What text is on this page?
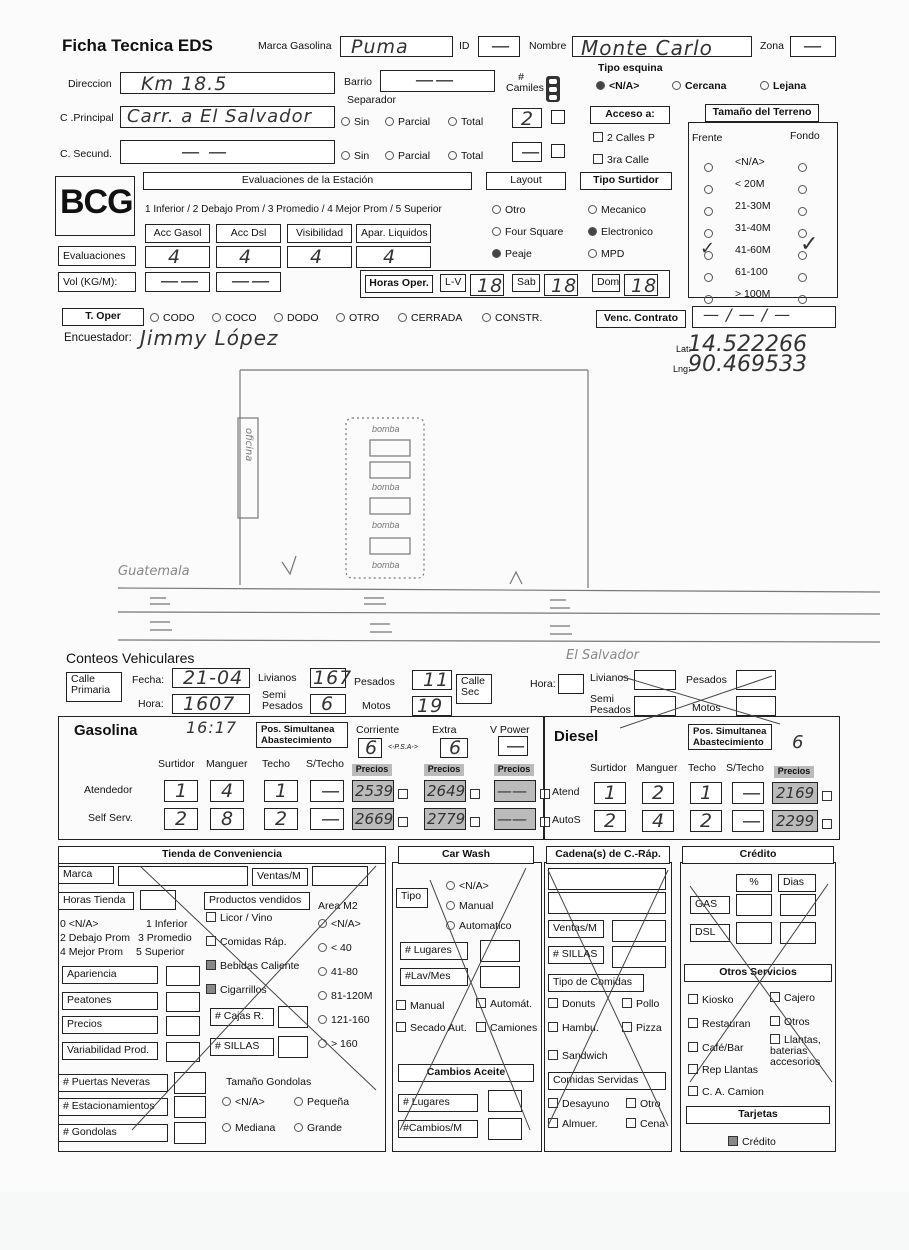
Ficha Tecnica EDS	Marca Gasolina Puma	ID — Nombre Monte Carlo	Zona —
Direccion Km 18.5	Barrio ——
Separador
# Camiles
Tipo esquina
<N/A>	Cercana	Lejana
C .Principal Carr. a El Salvador	Sin	Parcial	Total 2
C. Secund.	— —	Sin	Parcial	Total —
Acceso a:
2 Calles P
3ra Calle
Tamaño del Terreno
Frente	Fondo
<N/A>
< 20M
21-30M
31-40M
41-60M
61-100
> 100M
✓	✓
BCG
Evaluaciones de la Estación
1 Inferior / 2 Debajo Prom / 3 Promedio / 4 Mejor Prom / 5 Superior
Acc Gasol	Acc Dsl	Visibilidad	Apar. Liquidos
Evaluaciones	4	4	4	4
Vol (KG/M):	—— ——
Layout
Otro
Four Square
Peaje
Tipo Surtidor
Mecanico
Electronico
MPD
Horas Oper.	L-V 18	Sab 18	Dom 18
T. Oper	CODO	COCO	DODO	OTRO	CERRADA	CONSTR.	Venc. Contrato	— / — / —
Encuestador: Jimmy López	Lat:
14.522266
Lng:
90.469533
oficina	bomba
bomba
bomba
bomba
Guatemala
El Salvador
Conteos Vehiculares
Calle Primaria
Fecha: 21-04
Hora: 1607
Livianos 167 Pesados 11
Semi Pesados 6	Motos 19
Calle Sec
Hora:	Livianos	Pesados
Semi Pesados	Motos
Gasolina	16:17	Pos. Simultanea Abastecimiento
Corriente	Extra	V Power
6 <-P.S.A-> 6 —
Surtidor Manguer Techo S/Techo	Precios	Precios	Precios
Atendedor 1 4 1 — 2539 2649 ——
Self Serv. 2 8 2 — 2669 2779 ——
Diesel	Pos. Simultanea Abastecimiento	6
Surtidor Manguer Techo S/Techo	Precios
Atend 1 2 1 — 2169
AutoS 2 4 2 — 2299
Tienda de Conveniencia
Marca	Ventas/M
Horas Tienda	Productos vendidos	Area M2
0 <N/A>	1 Inferior
2 Debajo Prom 3 Promedio
4 Mejor Prom 5 Superior
Licor / Vino
Comidas Ráp.
Bebidas Caliente
Cigarrillos
<N/A>
< 40
41-80
81-120M
121-160
> 160
Apariencia
Peatones
Precios
Variabilidad Prod.
# Cajas R.
# SILLAS
# Puertas Neveras
# Estacionamientos
# Gondolas
Tamaño Gondolas
<N/A>	Pequeña
Mediana	Grande
Car Wash
Tipo
<N/A>
Manual
Automatico
# Lugares
#Lav/Mes
Manual	Automát.
Secado Aut.	Camiones
Cambios Aceite
# Lugares
#Cambios/M
Cadena(s) de C.-Ráp.
Ventas/M
# SILLAS
Tipo de Comidas
Donuts	Pollo
Hambu.	Pizza
Sandwich
Comidas Servidas
Desayuno	Otro
Almuer.	Cena
Crédito
%	Dias
GAS
DSL
Otros Servicios
Kiosko	Cajero
Restauran	Otros
Café/Bar
Llantas, baterias accesorios
Rep Llantas
C. A. Camion
Tarjetas
Crédito
